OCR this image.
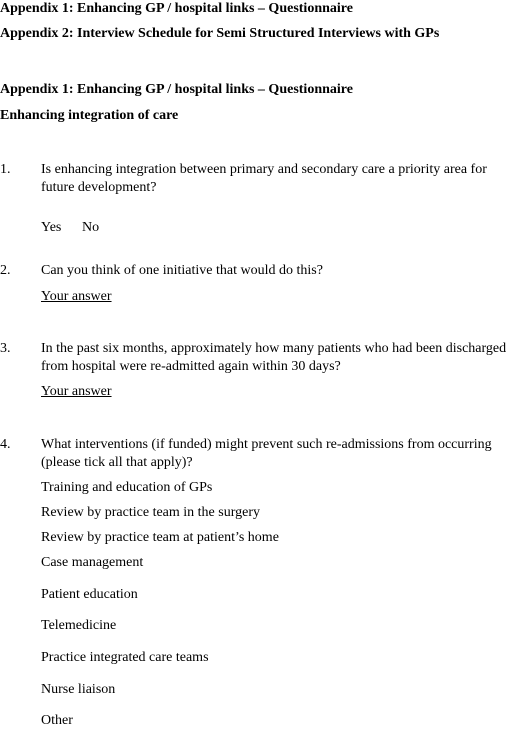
Appendix 1: Enhancing GP / hospital links – Questionnaire
Appendix 2: Interview Schedule for Semi Structured Interviews with GPs
Appendix 1: Enhancing GP / hospital links – Questionnaire
Enhancing integration of care
1. Is enhancing integration between primary and secondary care a priority area for future development?
Yes No
2. Can you think of one initiative that would do this?
Your answer
3. In the past six months, approximately how many patients who had been discharged from hospital were re-admitted again within 30 days?
Your answer
4. What interventions (if funded) might prevent such re-admissions from occurring (please tick all that apply)?
Training and education of GPs
Review by practice team in the surgery
Review by practice team at patient’s home
Case management
Patient education
Telemedicine
Practice integrated care teams
Nurse liaison
Other
